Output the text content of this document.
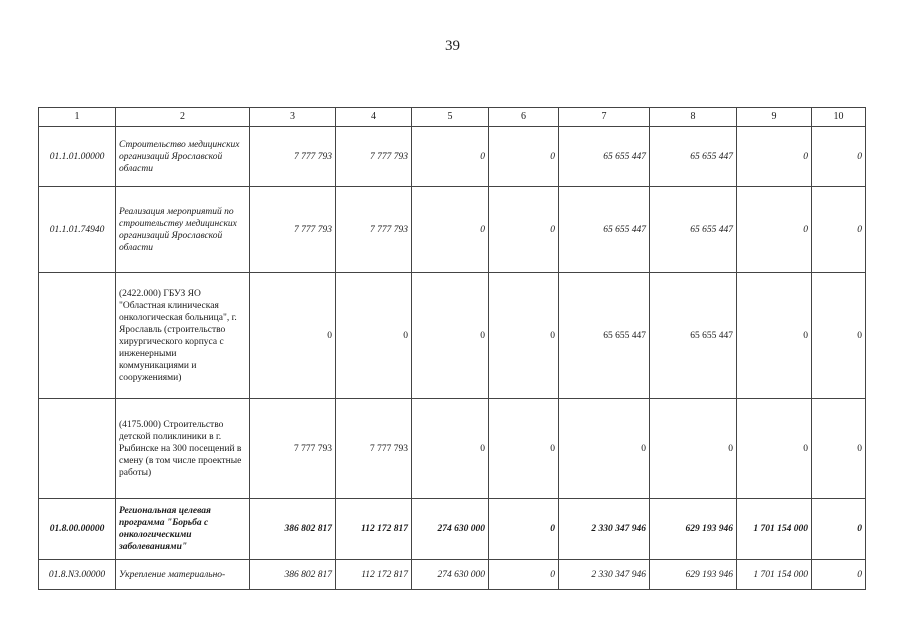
39
1	2	3	4	5	6	7	8	9	10
01.1.01.00000	Строительство медицинских организаций Ярославской области	7 777 793	7 777 793	0	0	65 655 447	65 655 447	0	0
01.1.01.74940	Реализация мероприятий по строительству медицинских организаций Ярославской области	7 777 793	7 777 793	0	0	65 655 447	65 655 447	0	0
	(2422.000) ГБУЗ ЯО "Областная клиническая онкологическая больница", г. Ярославль (строительство хирургического корпуса с инженерными коммуникациями и сооружениями)	0	0	0	0	65 655 447	65 655 447	0	0
	(4175.000) Строительство детской поликлиники в г. Рыбинске на 300 посещений в смену (в том числе проектные работы)	7 777 793	7 777 793	0	0	0	0	0	0
01.8.00.00000	Региональная целевая программа "Борьба с онкологическими заболеваниями"	386 802 817	112 172 817	274 630 000	0	2 330 347 946	629 193 946	1 701 154 000	0
01.8.N3.00000	Укрепление материально-	386 802 817	112 172 817	274 630 000	0	2 330 347 946	629 193 946	1 701 154 000	0
